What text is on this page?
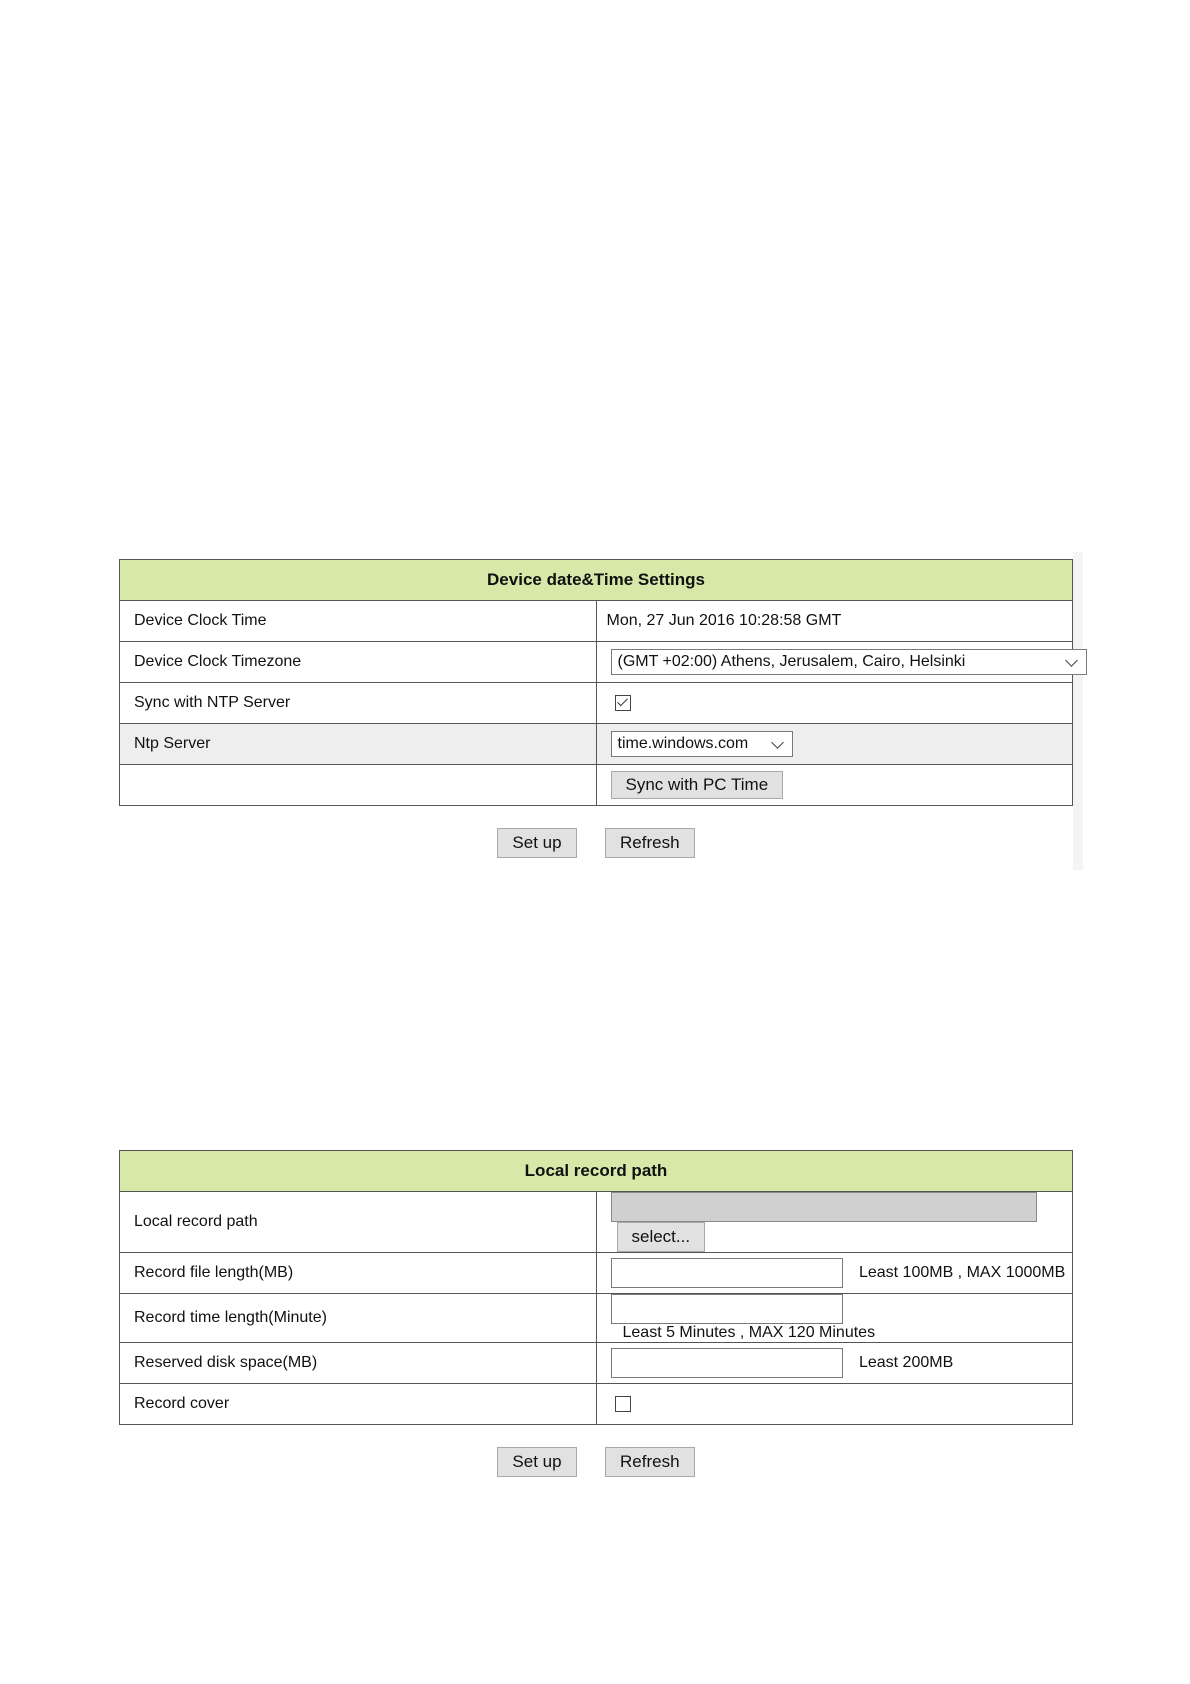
Device date&Time Settings	
Device Clock Time	Mon, 27 Jun 2016 10:28:58 GMT
Device Clock Timezone	(GMT +02:00) Athens, Jerusalem, Cairo, Helsinki

Sync with NTP Server	
Ntp Server	time.windows.com

	Sync with PC Time
Set up	Refresh
Local record path	
Local record path	select...
Record file length(MB)	Least 100MB , MAX 1000MB
Record time length(Minute)	Least 5 Minutes , MAX 120 Minutes
Reserved disk space(MB)	Least 200MB
Record cover	
Set up	Refresh
